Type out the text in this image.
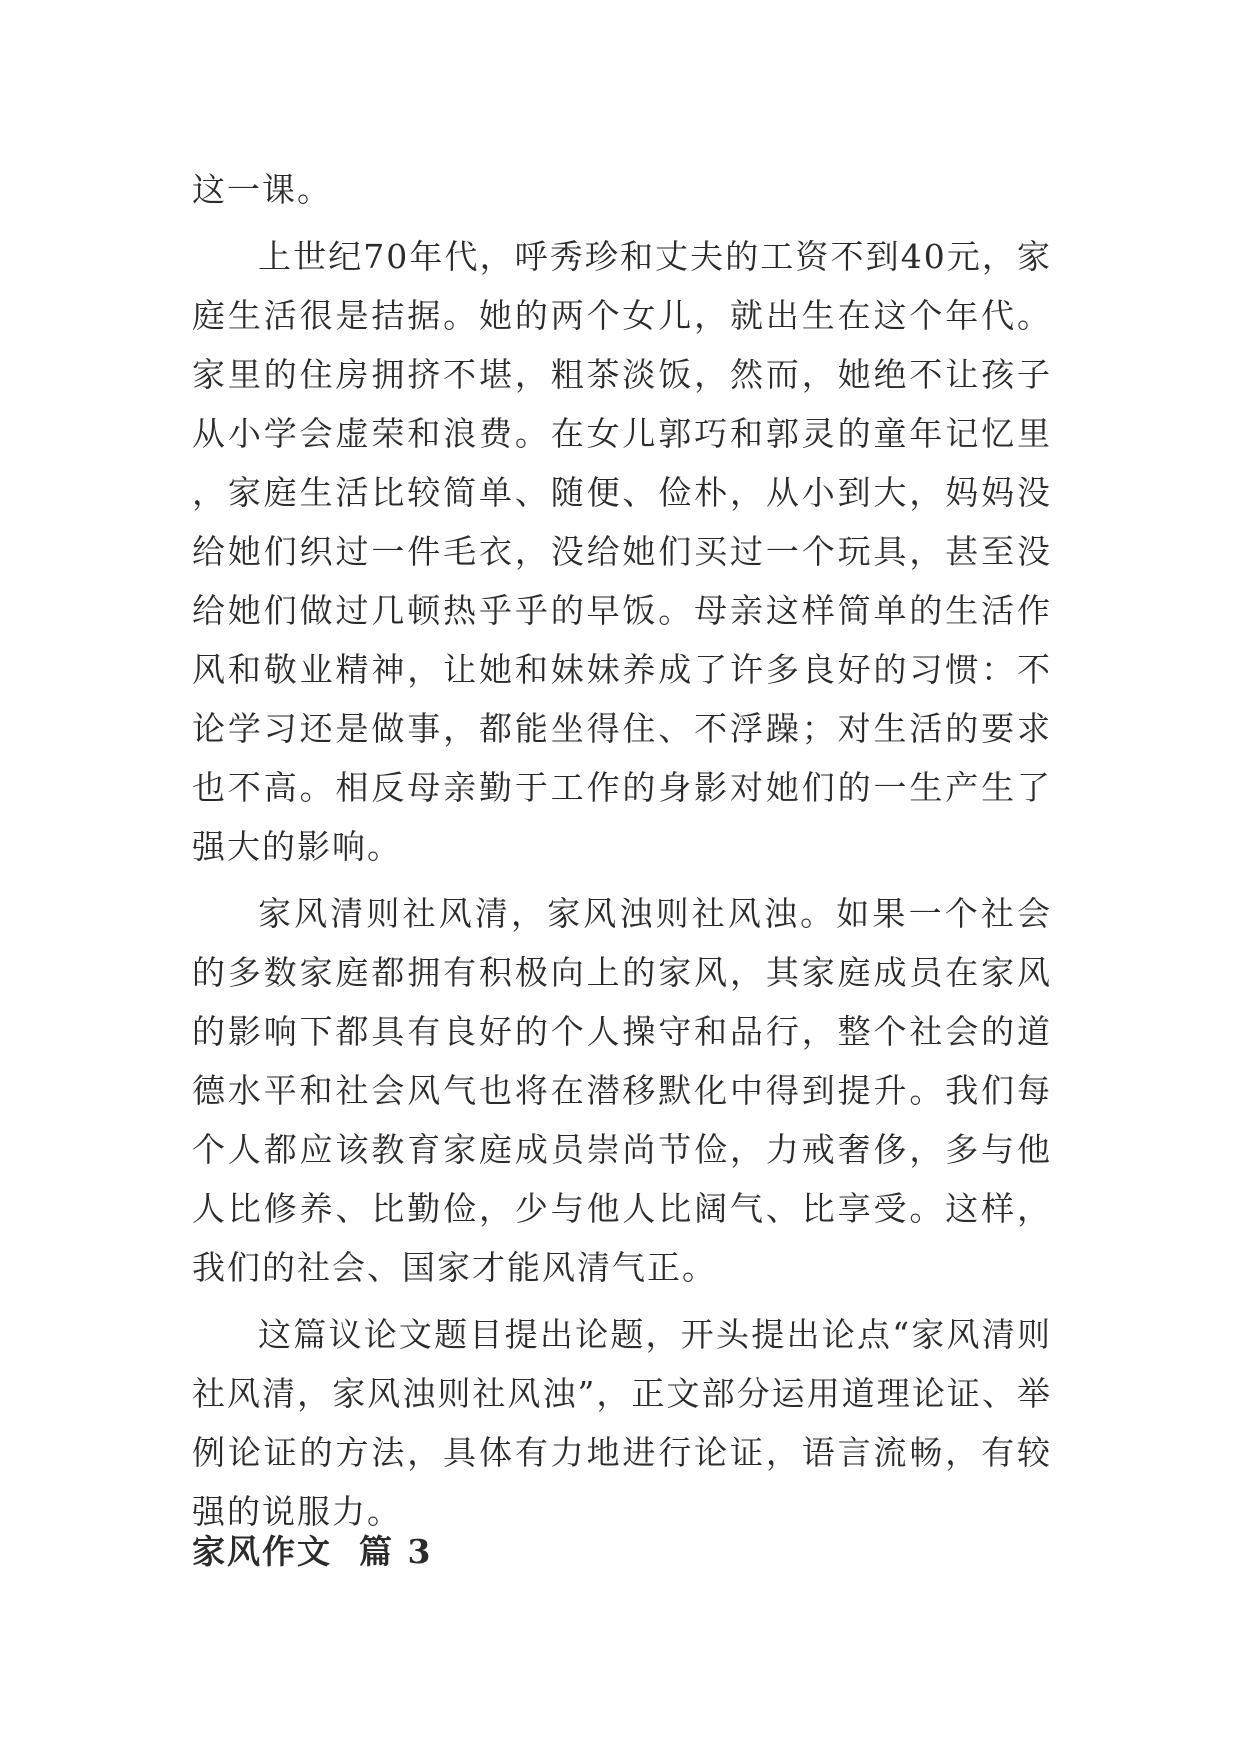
这一课。

上世纪70年代，呼秀珍和丈夫的工资不到40元，家庭生活很是拮据。她的两个女儿，就出生在这个年代。家里的住房拥挤不堪，粗茶淡饭，然而，她绝不让孩子从小学会虚荣和浪费。在女儿郭巧和郭灵的童年记忆里，家庭生活比较简单、随便、俭朴，从小到大，妈妈没给她们织过一件毛衣，没给她们买过一个玩具，甚至没给她们做过几顿热乎乎的早饭。母亲这样简单的生活作风和敬业精神，让她和妹妹养成了许多良好的习惯：不论学习还是做事，都能坐得住、不浮躁；对生活的要求也不高。相反母亲勤于工作的身影对她们的一生产生了强大的影响。

家风清则社风清，家风浊则社风浊。如果一个社会的多数家庭都拥有积极向上的家风，其家庭成员在家风的影响下都具有良好的个人操守和品行，整个社会的道德水平和社会风气也将在潜移默化中得到提升。我们每个人都应该教育家庭成员崇尚节俭，力戒奢侈，多与他人比修养、比勤俭，少与他人比阔气、比享受。这样，我们的社会、国家才能风清气正。

这篇议论文题目提出论题，开头提出论点“家风清则社风清，家风浊则社风浊”，正文部分运用道理论证、举例论证的方法，具体有力地进行论证，语言流畅，有较强的说服力。

家风作文  篇 3
